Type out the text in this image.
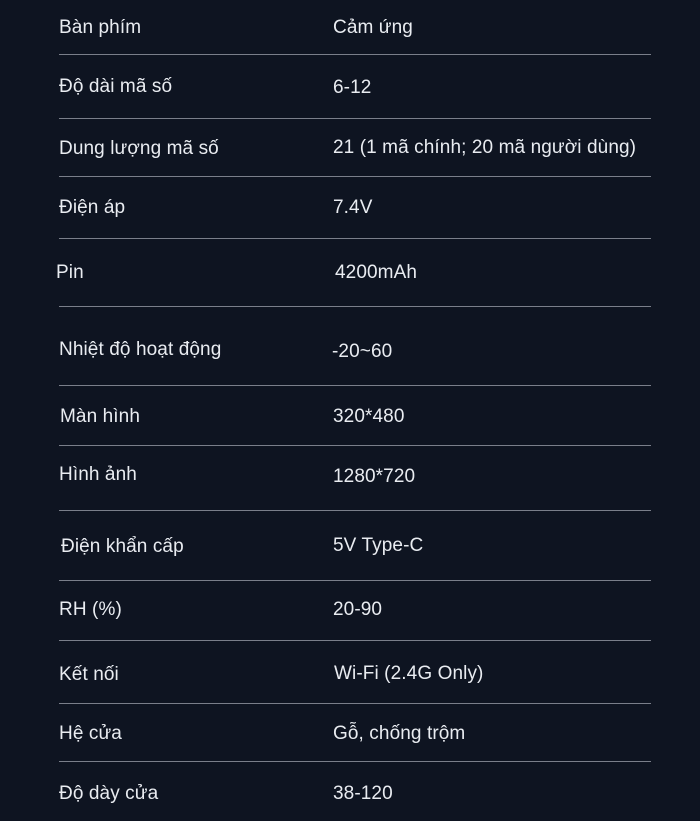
Bàn phím	Cảm ứng
Độ dài mã số	6-12
Dung lượng mã số	21 (1 mã chính; 20 mã người dùng)
Điện áp	7.4V
Pin	4200mAh
Nhiệt độ hoạt động	-20~60
Màn hình	320*480
Hình ảnh	1280*720
Điện khẩn cấp	5V Type-C
RH (%)	20-90
Kết nối	Wi-Fi (2.4G Only)
Hệ cửa	Gỗ, chống trộm
Độ dày cửa	38-120
